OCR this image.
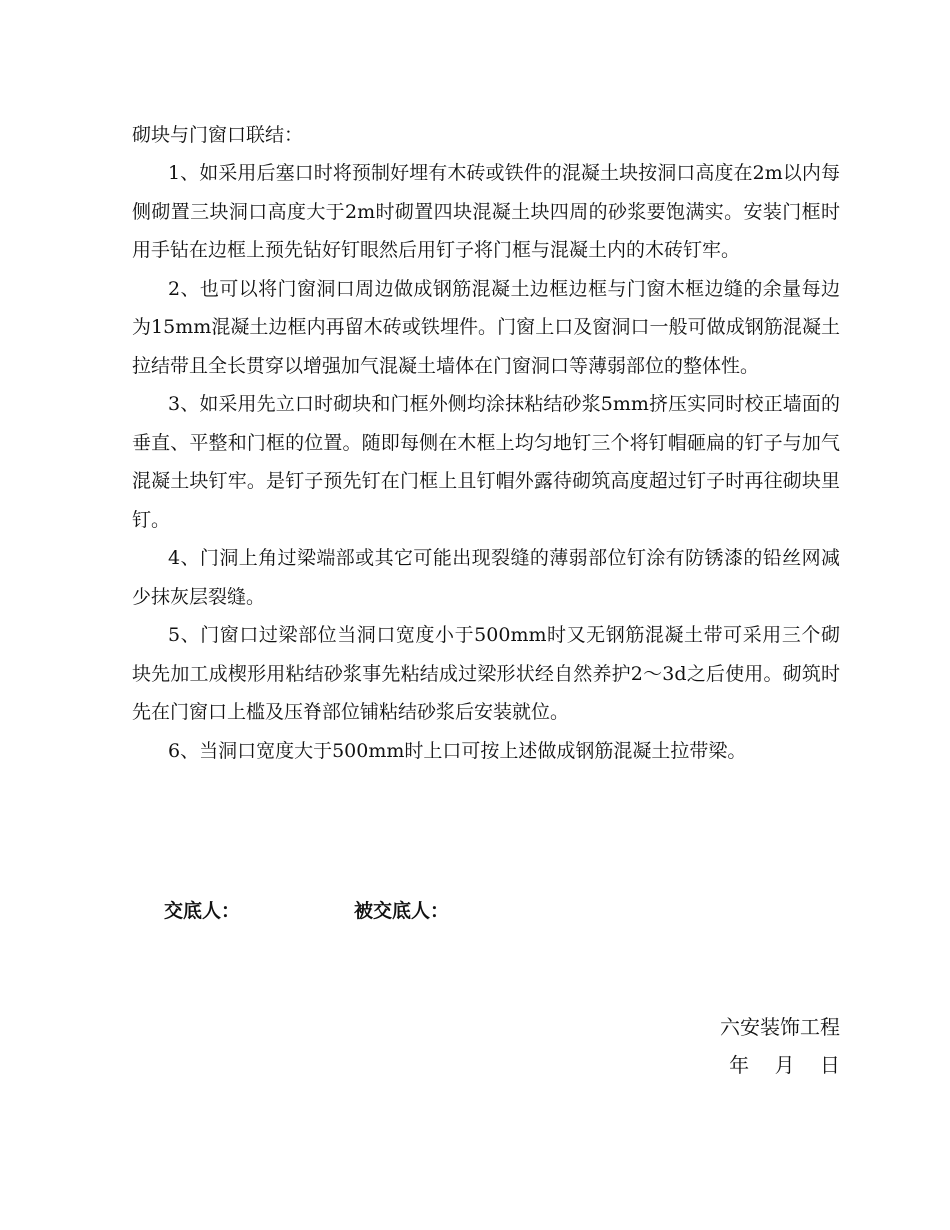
砌块与门窗口联结：

1、如采用后塞口时将预制好埋有木砖或铁件的混凝土块按洞口高度在2m以内每侧砌置三块洞口高度大于2m时砌置四块混凝土块四周的砂浆要饱满实。安装门框时用手钻在边框上预先钻好钉眼然后用钉子将门框与混凝土内的木砖钉牢。

2、也可以将门窗洞口周边做成钢筋混凝土边框边框与门窗木框边缝的余量每边为15mm混凝土边框内再留木砖或铁埋件。门窗上口及窗洞口一般可做成钢筋混凝土拉结带且全长贯穿以增强加气混凝土墙体在门窗洞口等薄弱部位的整体性。

3、如采用先立口时砌块和门框外侧均涂抹粘结砂浆5mm挤压实同时校正墙面的垂直、平整和门框的位置。随即每侧在木框上均匀地钉三个将钉帽砸扁的钉子与加气混凝土块钉牢。是钉子预先钉在门框上且钉帽外露待砌筑高度超过钉子时再往砌块里钉。

4、门洞上角过梁端部或其它可能出现裂缝的薄弱部位钉涂有防锈漆的铅丝网减少抹灰层裂缝。

5、门窗口过梁部位当洞口宽度小于500mm时又无钢筋混凝土带可采用三个砌块先加工成楔形用粘结砂浆事先粘结成过梁形状经自然养护2～3d之后使用。砌筑时先在门窗口上槛及压脊部位铺粘结砂浆后安装就位。

6、当洞口宽度大于500mm时上口可按上述做成钢筋混凝土拉带梁。

交底人：	被交底人：
六安装饰工程
年    月    日
